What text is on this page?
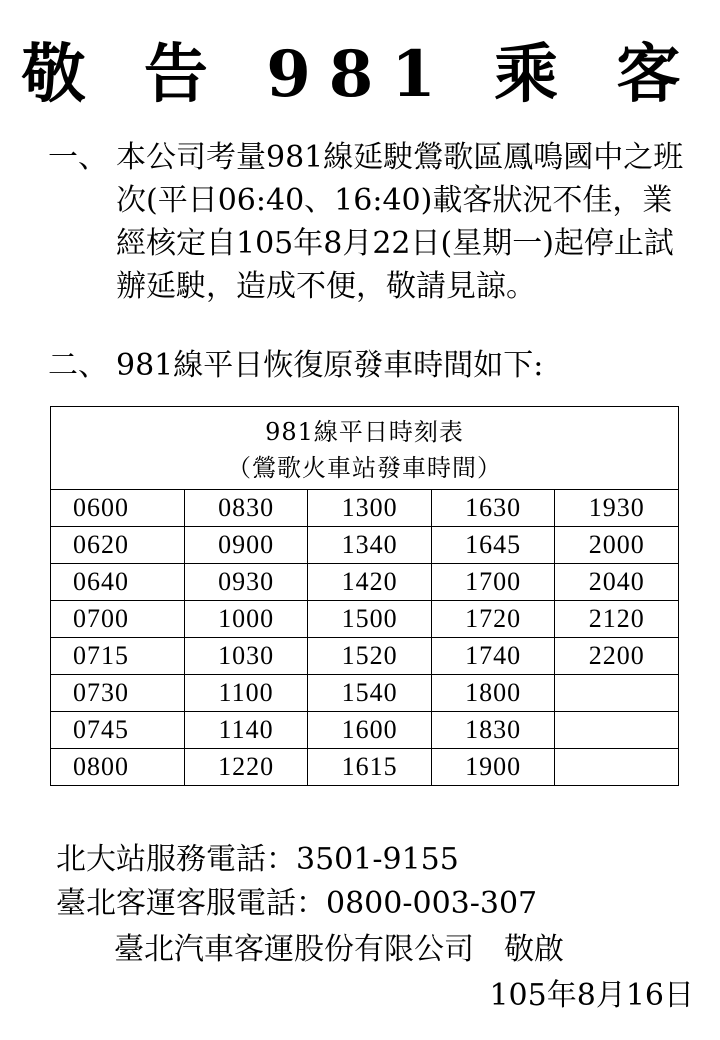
敬 告 981 乘 客
一、 本公司考量981線延駛鶯歌區鳳鳴國中之班次(平日06:40、16:40)載客狀況不佳，業經核定自105年8月22日(星期一)起停止試辦延駛，造成不便，敬請見諒。
二、 981線平日恢復原發車時間如下:
981線平日時刻表
（鶯歌火車站發車時間）				

0600	0830	1300	1630	1930
0620	0900	1340	1645	2000
0640	0930	1420	1700	2040
0700	1000	1500	1720	2120
0715	1030	1520	1740	2200
0730	1100	1540	1800	
0745	1140	1600	1830	
0800	1220	1615	1900	
北大站服務電話：3501-9155
臺北客運客服電話：0800-003-307
臺北汽車客運股份有限公司　敬啟
105年8月16日
